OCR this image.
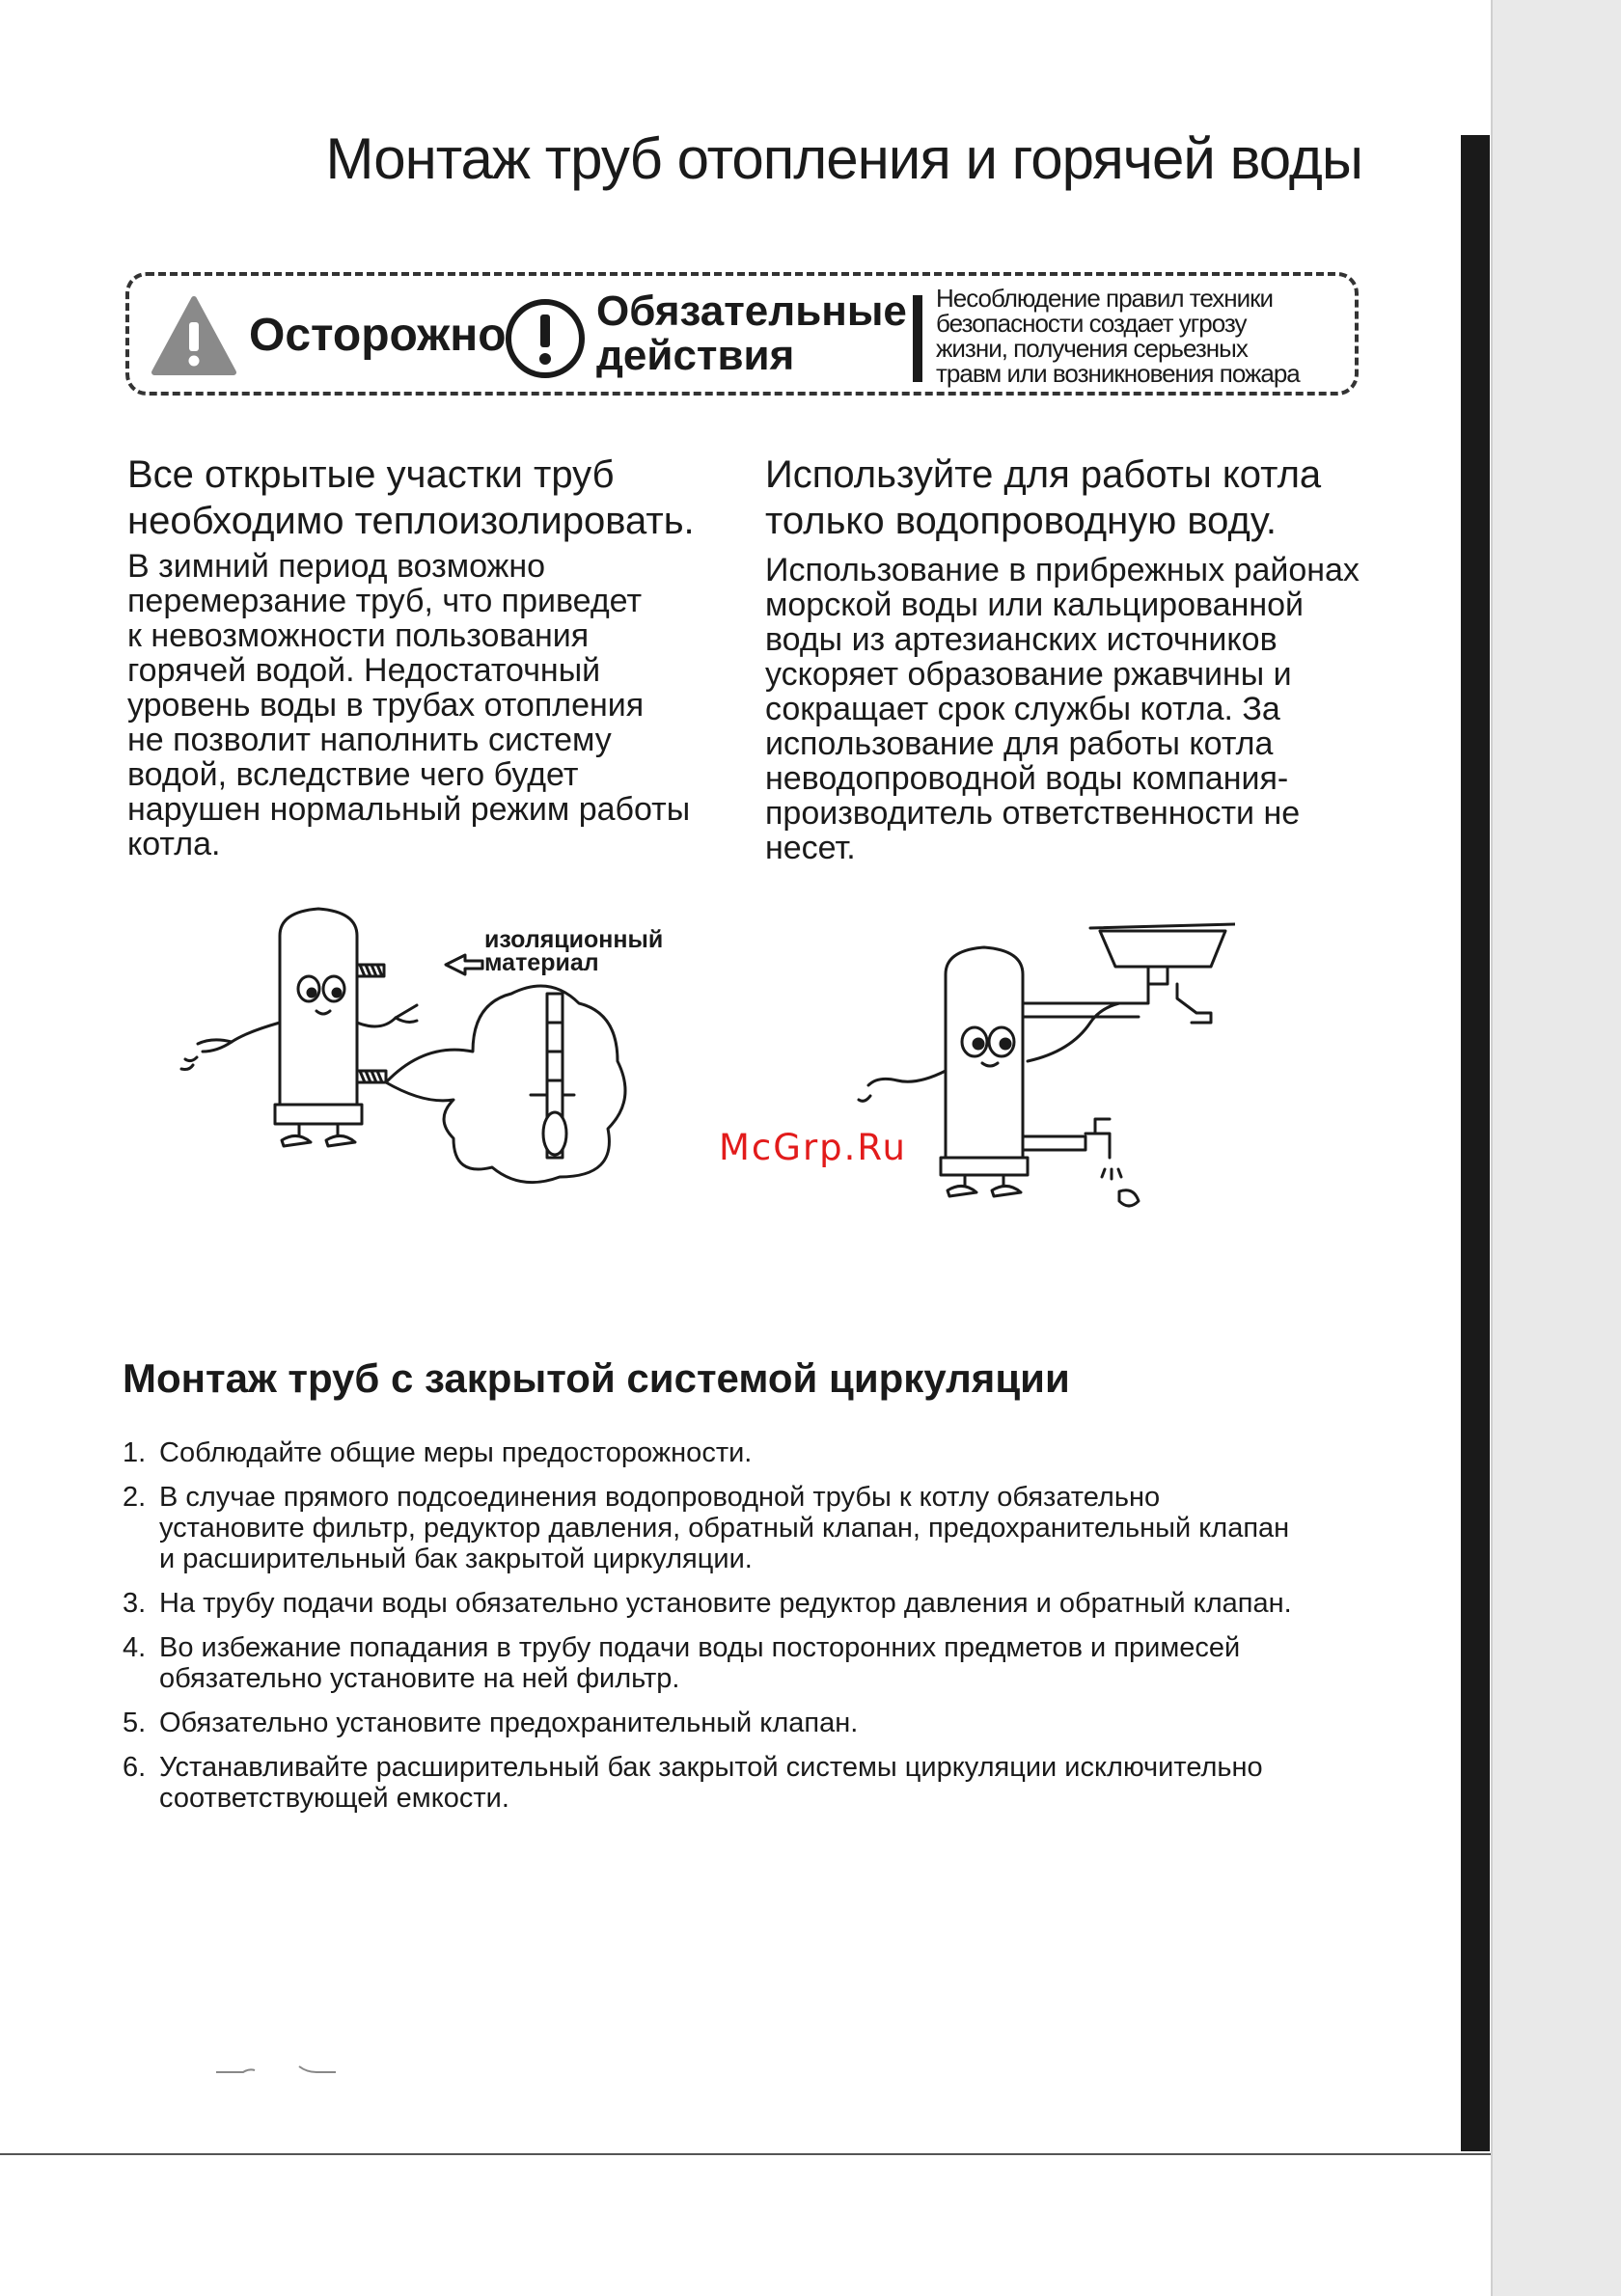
Монтаж труб отопления и горячей воды
Осторожно Обязательные
действия
Несоблюдение правил техники
безопасности создает угрозу
жизни, получения серьезных
травм или возникновения пожара
Все открытые участки труб
необходимо теплоизолировать.
В зимний период возможно
перемерзание труб, что приведет
к невозможности пользования
горячей водой. Недостаточный
уровень воды в трубах отопления
не позволит наполнить систему
водой, вследствие чего будет
нарушен нормальный режим работы
котла.
Используйте для работы котла
только водопроводную воду.
Использование в прибрежных районах
морской воды или кальцированной
воды из артезианских источников
ускоряет образование ржавчины и
сокращает срок службы котла. За
использование для работы котла
неводопроводной воды компания-
производитель ответственности не
несет.
изоляционный
материал
McGrp.Ru
Монтаж труб с закрытой системой циркуляции
1. Соблюдайте общие меры предосторожности.
2. В случае прямого подсоединения водопроводной трубы к котлу обязательно
установите фильтр, редуктор давления, обратный клапан, предохранительный клапан
и расширительный бак закрытой циркуляции.
3. На трубу подачи воды обязательно установите редуктор давления и обратный клапан.
4. Во избежание попадания в трубу подачи воды посторонних предметов и примесей
обязательно установите на ней фильтр.
5. Обязательно установите предохранительный клапан.
6. Устанавливайте расширительный бак закрытой системы циркуляции исключительно
соответствующей емкости.
